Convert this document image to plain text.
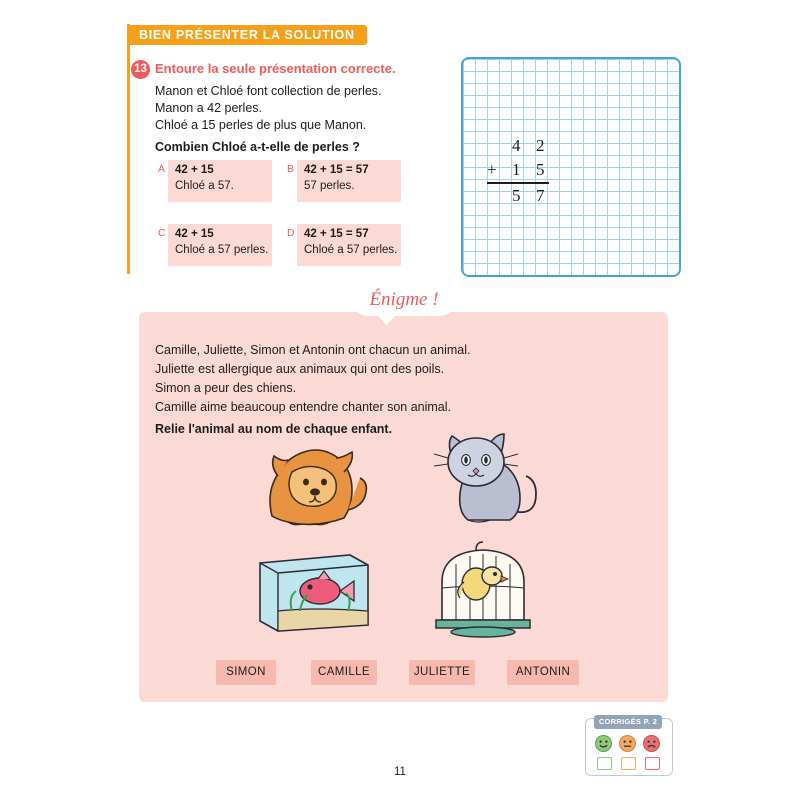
BIEN PRÉSENTER LA SOLUTION
13 Entoure la seule présentation correcte.
Manon et Chloé font collection de perles.
Manon a 42 perles.
Chloé a 15 perles de plus que Manon.
Combien Chloé a-t-elle de perles ?
A 42 + 15
Chloé a 57.
B 42 + 15 = 57
57 perles.
C 42 + 15
Chloé a 57 perles.
D 42 + 15 = 57
Chloé a 57 perles.
4 2
+ 1 5
5 7
Énigme !
Camille, Juliette, Simon et Antonin ont chacun un animal.
Juliette est allergique aux animaux qui ont des poils.
Simon a peur des chiens.
Camille aime beaucoup entendre chanter son animal.
Relie l'animal au nom de chaque enfant.
SIMON	CAMILLE	JULIETTE	ANTONIN
CORRIGÉS P. 2
11
